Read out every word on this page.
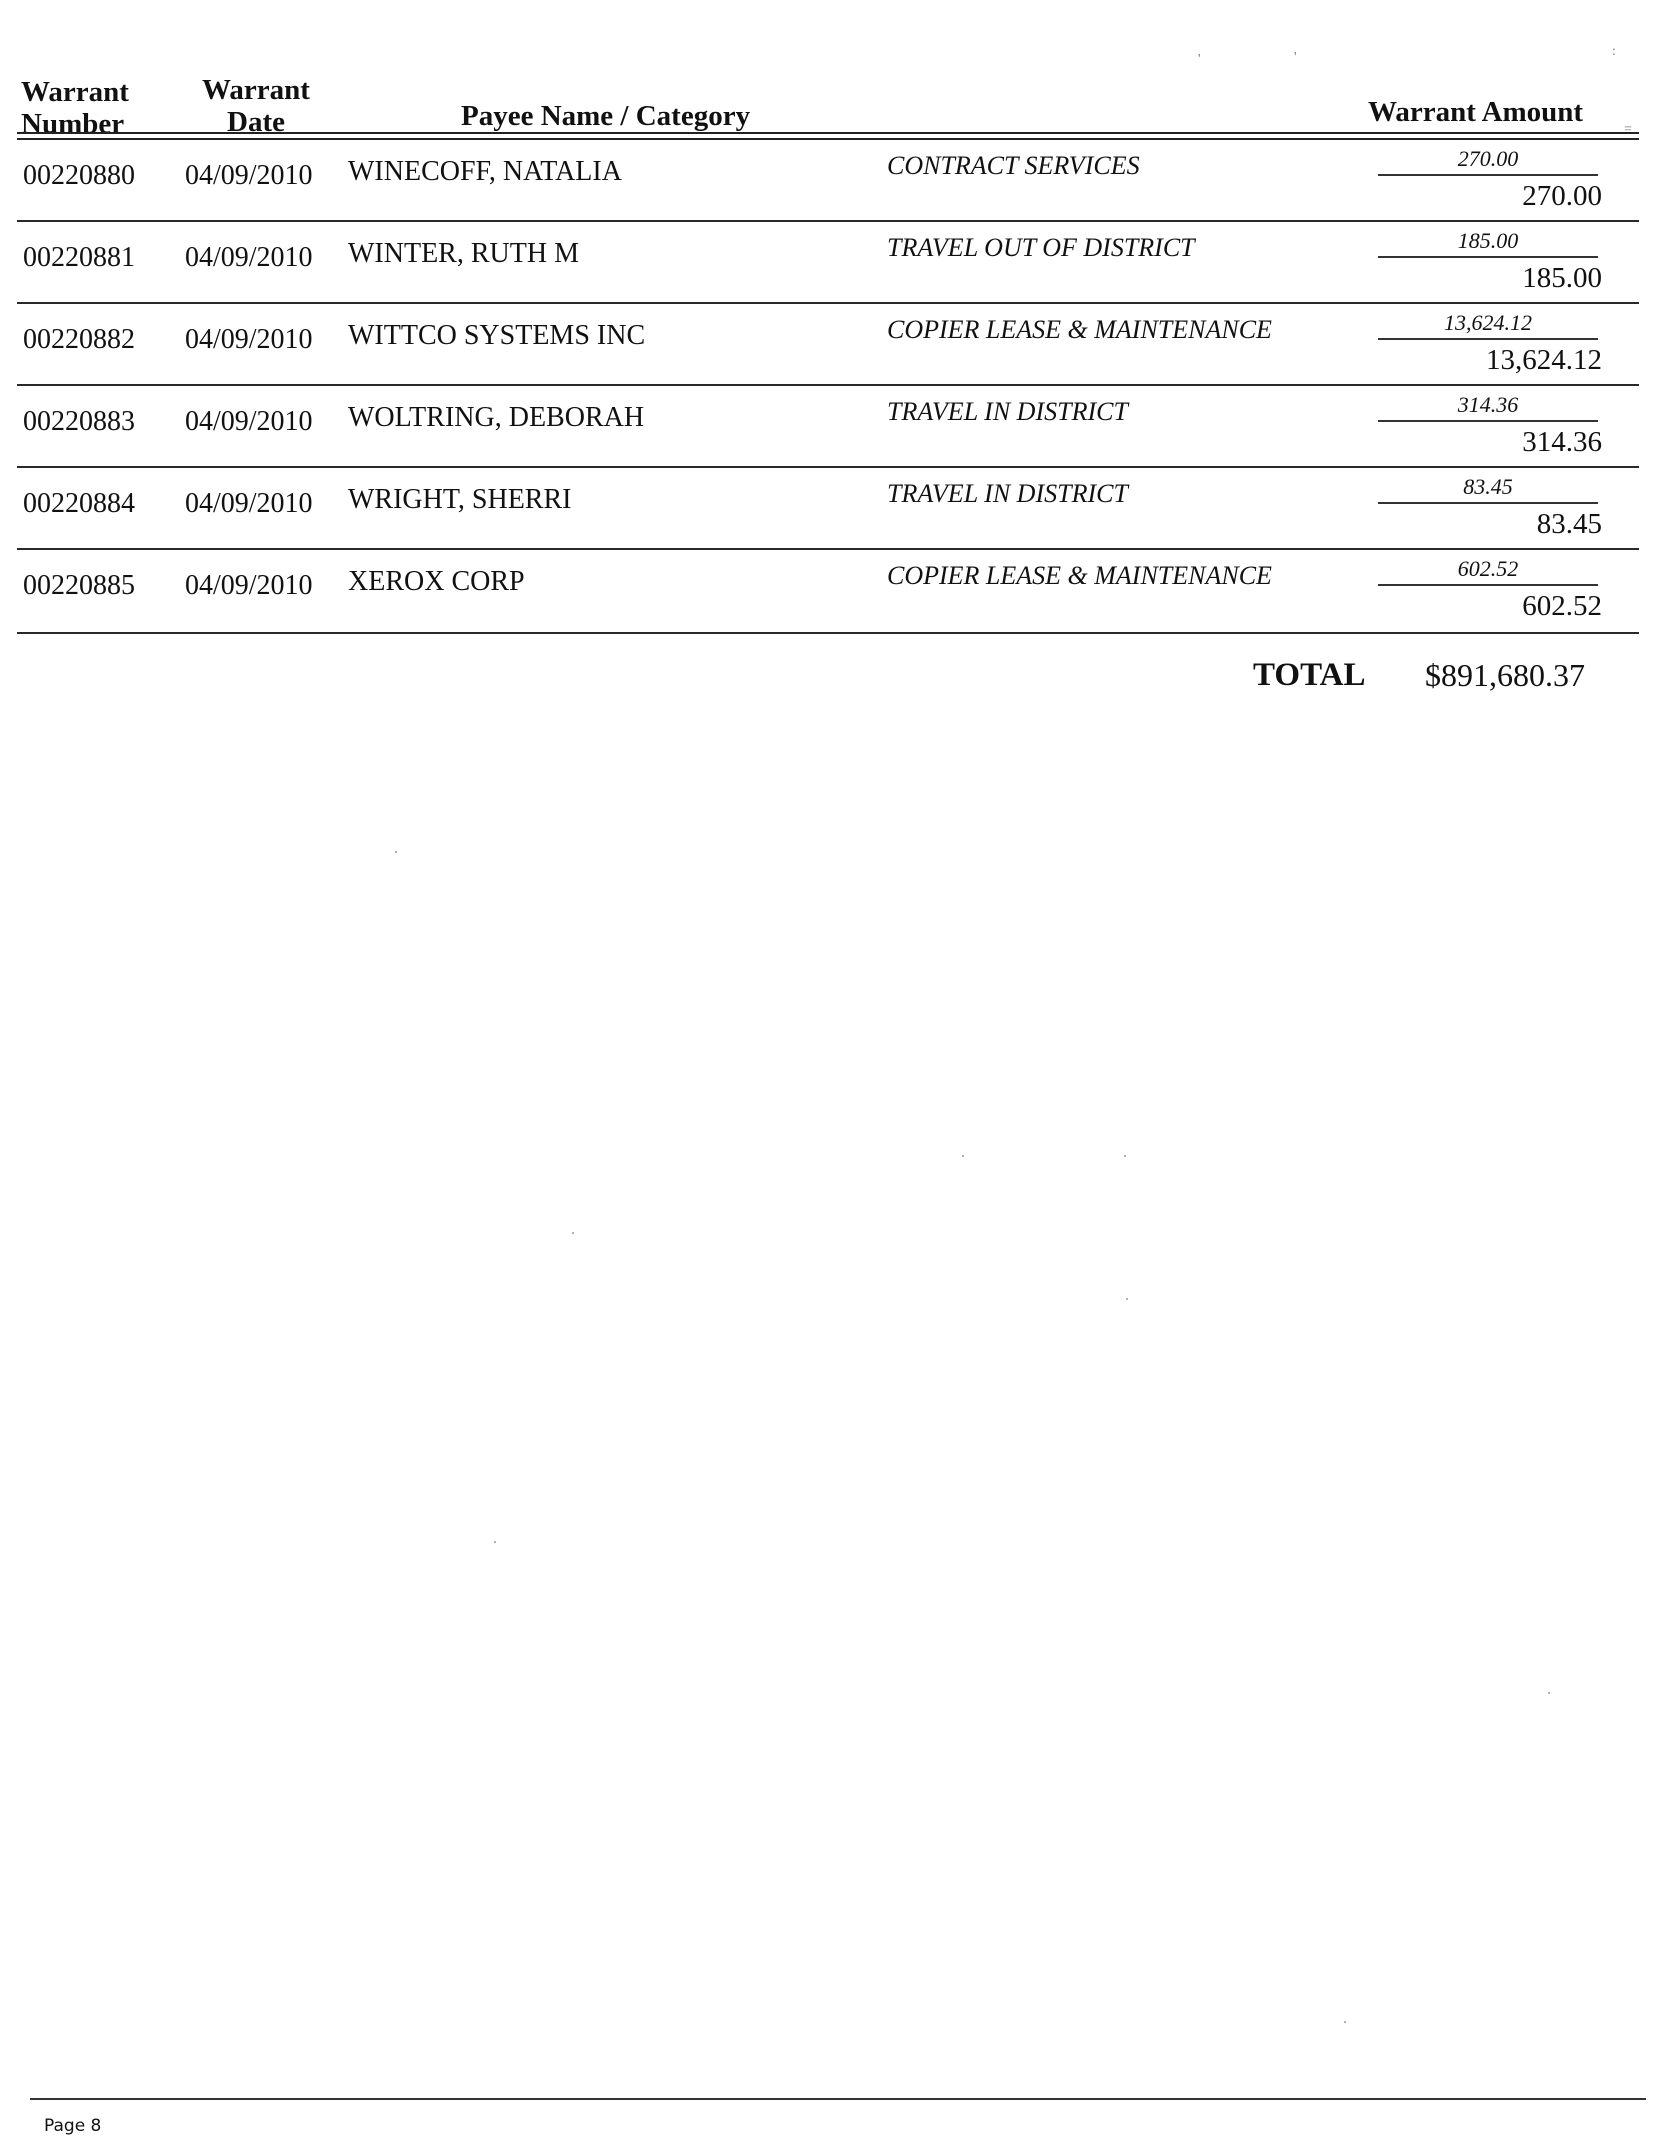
Warrant
Number
Warrant
Date	Payee Name / Category	Warrant Amount
'	'	:
=
00220880 04/09/2010 WINECOFF, NATALIA	CONTRACT SERVICES	270.00
270.00
00220881 04/09/2010 WINTER, RUTH M	TRAVEL OUT OF DISTRICT	185.00
185.00
00220882 04/09/2010 WITTCO SYSTEMS INC	COPIER LEASE & MAINTENANCE	13,624.12
13,624.12
00220883 04/09/2010 WOLTRING, DEBORAH	TRAVEL IN DISTRICT	314.36
314.36
00220884 04/09/2010 WRIGHT, SHERRI	TRAVEL IN DISTRICT	83.45
83.45
00220885 04/09/2010 XEROX CORP	COPIER LEASE & MAINTENANCE	602.52
602.52
TOTAL $891,680.37
Page 8
